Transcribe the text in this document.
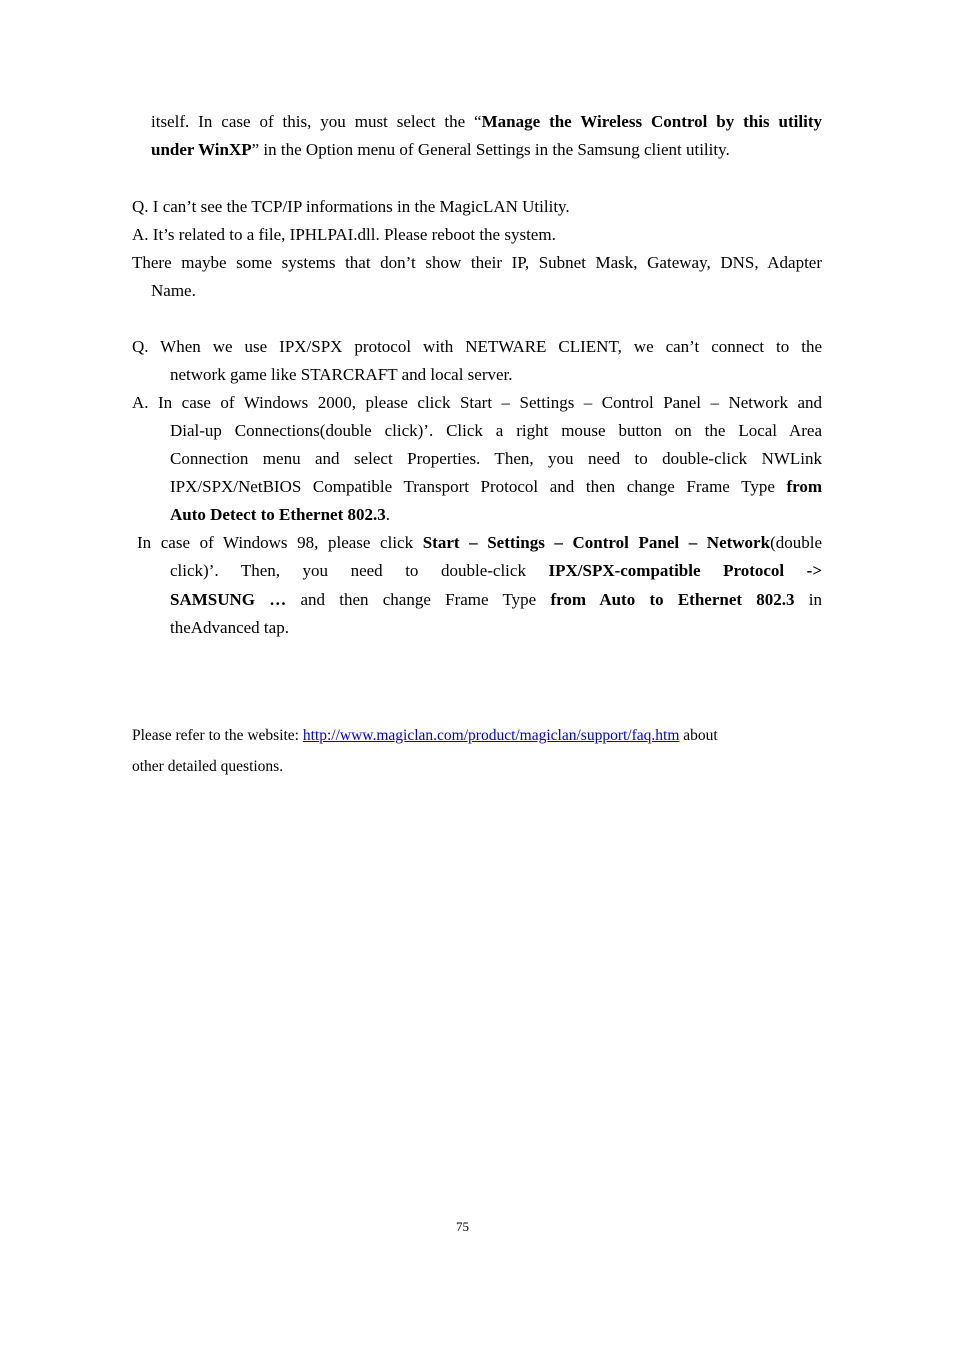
itself. In case of this, you must select the “Manage the Wireless Control by this utility
under WinXP” in the Option menu of General Settings in the Samsung client utility.
Q. I can’t see the TCP/IP informations in the MagicLAN Utility.
A. It’s related to a file, IPHLPAI.dll. Please reboot the system.
There maybe some systems that don’t show their IP, Subnet Mask, Gateway, DNS, Adapter
Name.
Q. When we use IPX/SPX protocol with NETWARE CLIENT, we can’t connect to the
network game like STARCRAFT and local server.
A. In case of Windows 2000, please click Start – Settings – Control Panel – Network and
Dial-up Connections(double click)’. Click a right mouse button on the Local Area
Connection menu and select Properties. Then, you need to double-click NWLink
IPX/SPX/NetBIOS Compatible Transport Protocol and then change Frame Type from
Auto Detect to Ethernet 802.3.
In case of Windows 98, please click Start – Settings – Control Panel – Network(double
click)’. Then, you need to double-click IPX/SPX-compatible Protocol ->
SAMSUNG … and then change Frame Type from Auto to Ethernet 802.3 in
theAdvanced tap.
Please refer to the website: http://www.magiclan.com/product/magiclan/support/faq.htm about
other detailed questions.
75
